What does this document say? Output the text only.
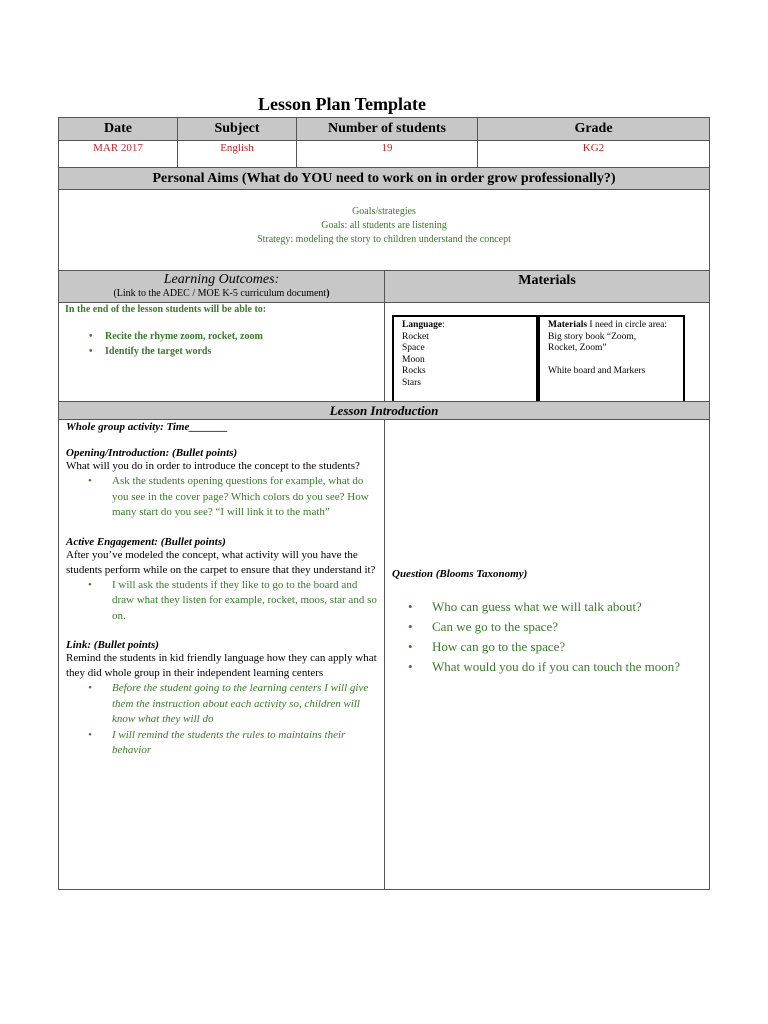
Lesson Plan Template
Date	Subject	Number of students	Grade
MAR 2017	English	19	KG2
Personal Aims (What do YOU need to work on in order grow professionally?)
Goals/strategies
Goals: all students are listening
Strategy: modeling the story to children understand the concept
Learning Outcomes:
(Link to the ADEC / MOE K-5 curriculum document)
Materials
In the end of the lesson students will be able to:
• Recite the rhyme zoom, rocket, zoom
• Identify the target words
Language:
Rocket
Space
Moon
Rocks
Stars
Materials I need in circle area:
Big story book “Zoom,
Rocket, Zoom”
White board and Markers
Lesson Introduction
Whole group activity: Time_______
Opening/Introduction: (Bullet points)
What will you do in order to introduce the concept to the students?
• Ask the students opening questions for example, what do you see in the cover page? Which colors do you see? How many start do you see? “I will link it to the math”
Active Engagement: (Bullet points)
After you’ve modeled the concept, what activity will you have the students perform while on the carpet to ensure that they understand it?
• I will ask the students if they like to go to the board and draw what they listen for example, rocket, moos, star and so on.
Link: (Bullet points)
Remind the students in kid friendly language how they can apply what they did whole group in their independent learning centers
• Before the student going to the learning centers I will give them the instruction about each activity so, children will know what they will do
• I will remind the students the rules to maintains their behavior
Question (Blooms Taxonomy)
• Who can guess what we will talk about?
• Can we go to the space?
• How can go to the space?
• What would you do if you can touch the moon?
